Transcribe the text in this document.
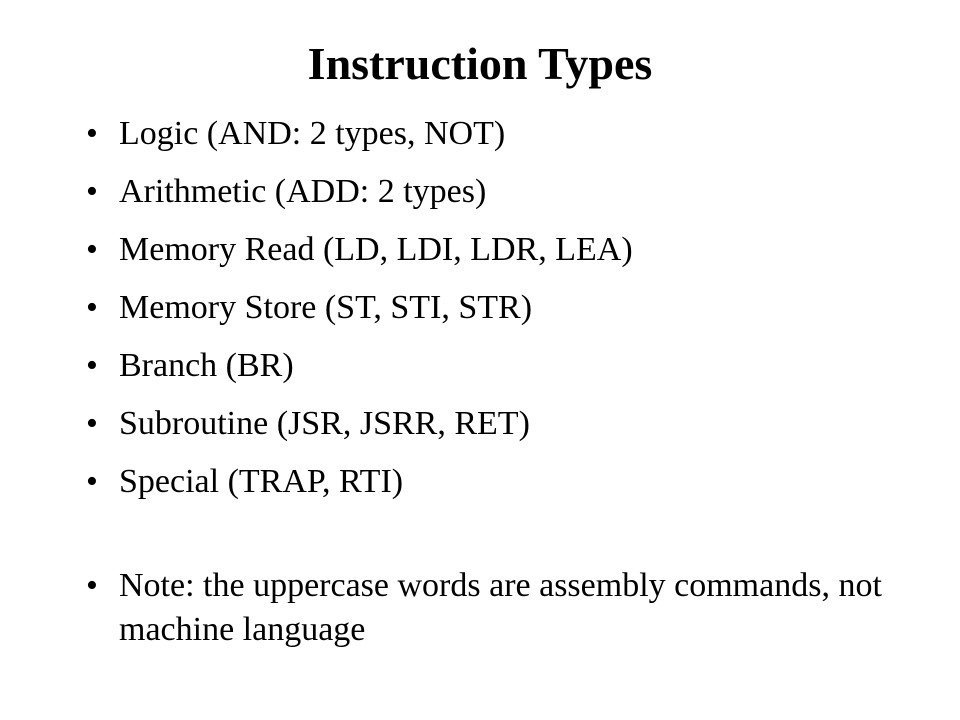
Instruction Types
• Logic (AND: 2 types, NOT)
• Arithmetic (ADD: 2 types)
• Memory Read (LD, LDI, LDR, LEA)
• Memory Store (ST, STI, STR)
• Branch (BR)
• Subroutine (JSR, JSRR, RET)
• Special (TRAP, RTI)
• Note: the uppercase words are assembly commands, not machine language
